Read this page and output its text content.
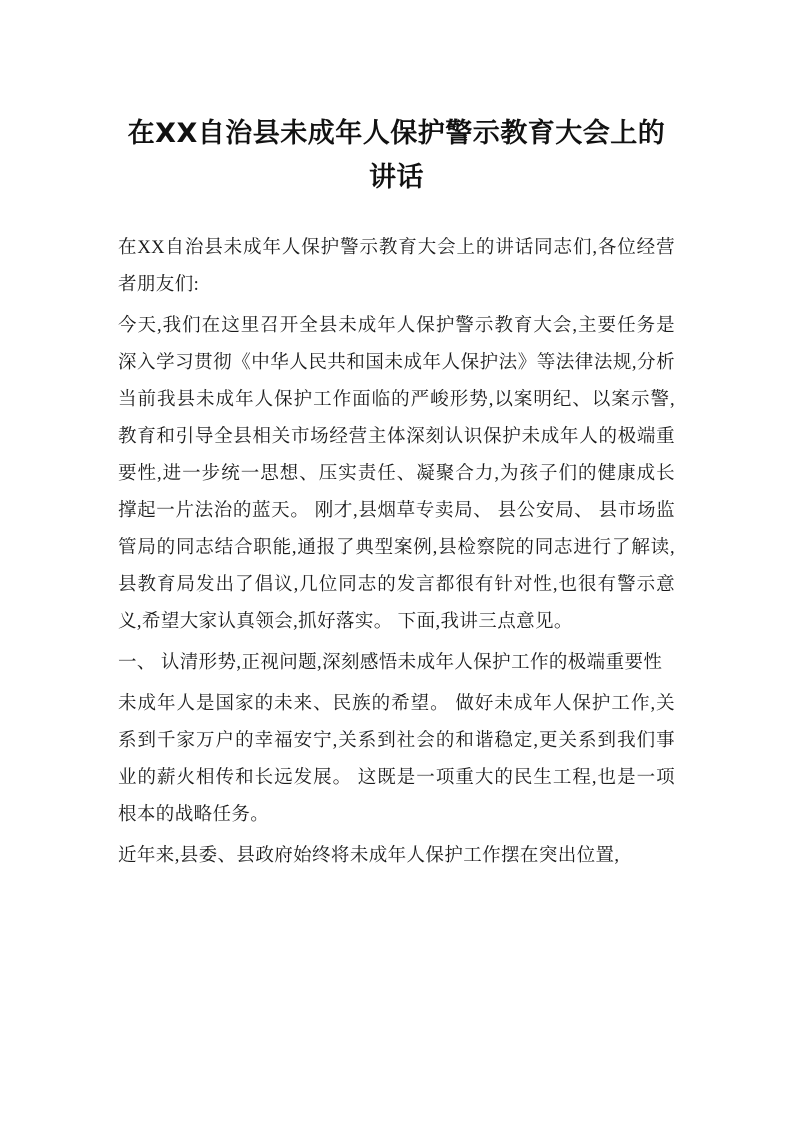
在XX自治县未成年人保护警示教育大会上的讲话

在XX自治县未成年人保护警示教育大会上的讲话同志们,各位经营者朋友们:

今天,我们在这里召开全县未成年人保护警示教育大会,主要任务是深入学习贯彻《中华人民共和国未成年人保护法》等法律法规,分析当前我县未成年人保护工作面临的严峻形势,以案明纪、以案示警,教育和引导全县相关市场经营主体深刻认识保护未成年人的极端重要性,进一步统一思想、压实责任、凝聚合力,为孩子们的健康成长撑起一片法治的蓝天。 刚才,县烟草专卖局、 县公安局、 县市场监管局的同志结合职能,通报了典型案例,县检察院的同志进行了解读,县教育局发出了倡议,几位同志的发言都很有针对性,也很有警示意义,希望大家认真领会,抓好落实。 下面,我讲三点意见。

一、 认清形势,正视问题,深刻感悟未成年人保护工作的极端重要性

未成年人是国家的未来、民族的希望。 做好未成年人保护工作,关系到千家万户的幸福安宁,关系到社会的和谐稳定,更关系到我们事业的薪火相传和长远发展。 这既是一项重大的民生工程,也是一项根本的战略任务。

近年来,县委、县政府始终将未成年人保护工作摆在突出位置,
